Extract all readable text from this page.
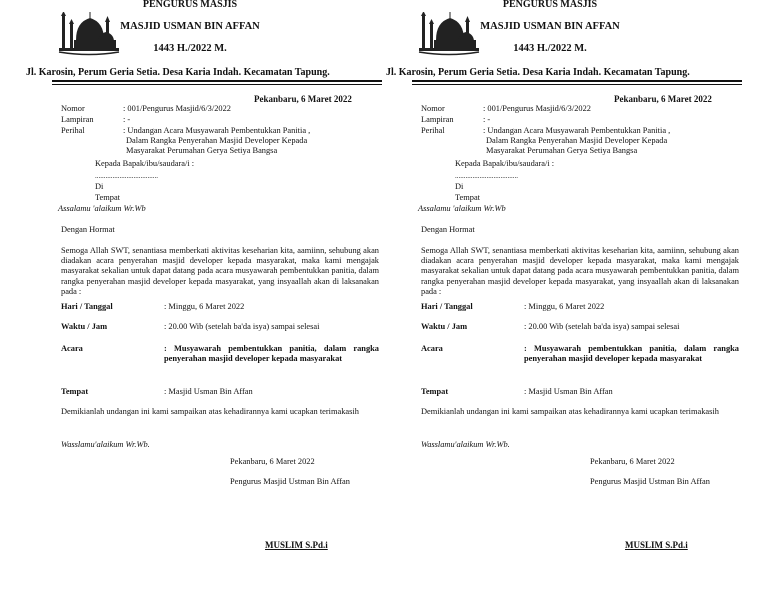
PENGURUS MASJIS
MASJID USMAN BIN AFFAN
1443 H./2022 M.
Jl. Karosin, Perum Geria Setia. Desa Karia Indah. Kecamatan Tapung.
Pekanbaru, 6 Maret 2022
Nomor	: 001/Pengurus Masjid/6/3/2022
Lampiran	: -
Perihal	: Undangan Acara Musyawarah Pembentukkan Panitia ,
Dalam Rangka Penyerahan Masjid Developer Kepada
Masyarakat Perumahan Gerya Setiya Bangsa
Kepada Bapak/ibu/saudara/i :
....................................
Di
Tempat
Assalamu 'alaikum Wr.Wb
Dengan Hormat
Semoga Allah SWT, senantiasa memberkati aktivitas keseharian kita, aamiinn, sehubung akan diadakan acara penyerahan masjid developer kepada masyarakat, maka kami mengajak masyarakat sekalian untuk dapat datang pada acara musyawarah pembentukkan panitia, dalam rangka penyerahan masjid developer kepada masyarakat, yang insyaallah akan di laksanakan pada :
Hari / Tanggal	: Minggu, 6 Maret 2022
Waktu / Jam	: 20.00 Wib (setelah ba'da isya) sampai selesai
Acara	: Musyawarah pembentukkan panitia, dalam rangka penyerahan masjid developer kepada masyarakat
Tempat	: Masjid Usman Bin Affan
Demikianlah undangan ini kami sampaikan atas kehadirannya kami ucapkan terimakasih
Wasslamu'alaikum Wr.Wb.
Pekanbaru, 6 Maret 2022
Pengurus Masjid Ustman Bin Affan
MUSLIM S.Pd.i
PENGURUS MASJIS
MASJID USMAN BIN AFFAN
1443 H./2022 M.
Jl. Karosin, Perum Geria Setia. Desa Karia Indah. Kecamatan Tapung.
Pekanbaru, 6 Maret 2022
Nomor	: 001/Pengurus Masjid/6/3/2022
Lampiran	: -
Perihal	: Undangan Acara Musyawarah Pembentukkan Panitia ,
Dalam Rangka Penyerahan Masjid Developer Kepada
Masyarakat Perumahan Gerya Setiya Bangsa
Kepada Bapak/ibu/saudara/i :
....................................
Di
Tempat
Assalamu 'alaikum Wr.Wb
Dengan Hormat
Semoga Allah SWT, senantiasa memberkati aktivitas keseharian kita, aamiinn, sehubung akan diadakan acara penyerahan masjid developer kepada masyarakat, maka kami mengajak masyarakat sekalian untuk dapat datang pada acara musyawarah pembentukkan panitia, dalam rangka penyerahan masjid developer kepada masyarakat, yang insyaallah akan di laksanakan pada :
Hari / Tanggal	: Minggu, 6 Maret 2022
Waktu / Jam	: 20.00 Wib (setelah ba'da isya) sampai selesai
Acara	: Musyawarah pembentukkan panitia, dalam rangka penyerahan masjid developer kepada masyarakat
Tempat	: Masjid Usman Bin Affan
Demikianlah undangan ini kami sampaikan atas kehadirannya kami ucapkan terimakasih
Wasslamu'alaikum Wr.Wb.
Pekanbaru, 6 Maret 2022
Pengurus Masjid Ustman Bin Affan
MUSLIM S.Pd.i
